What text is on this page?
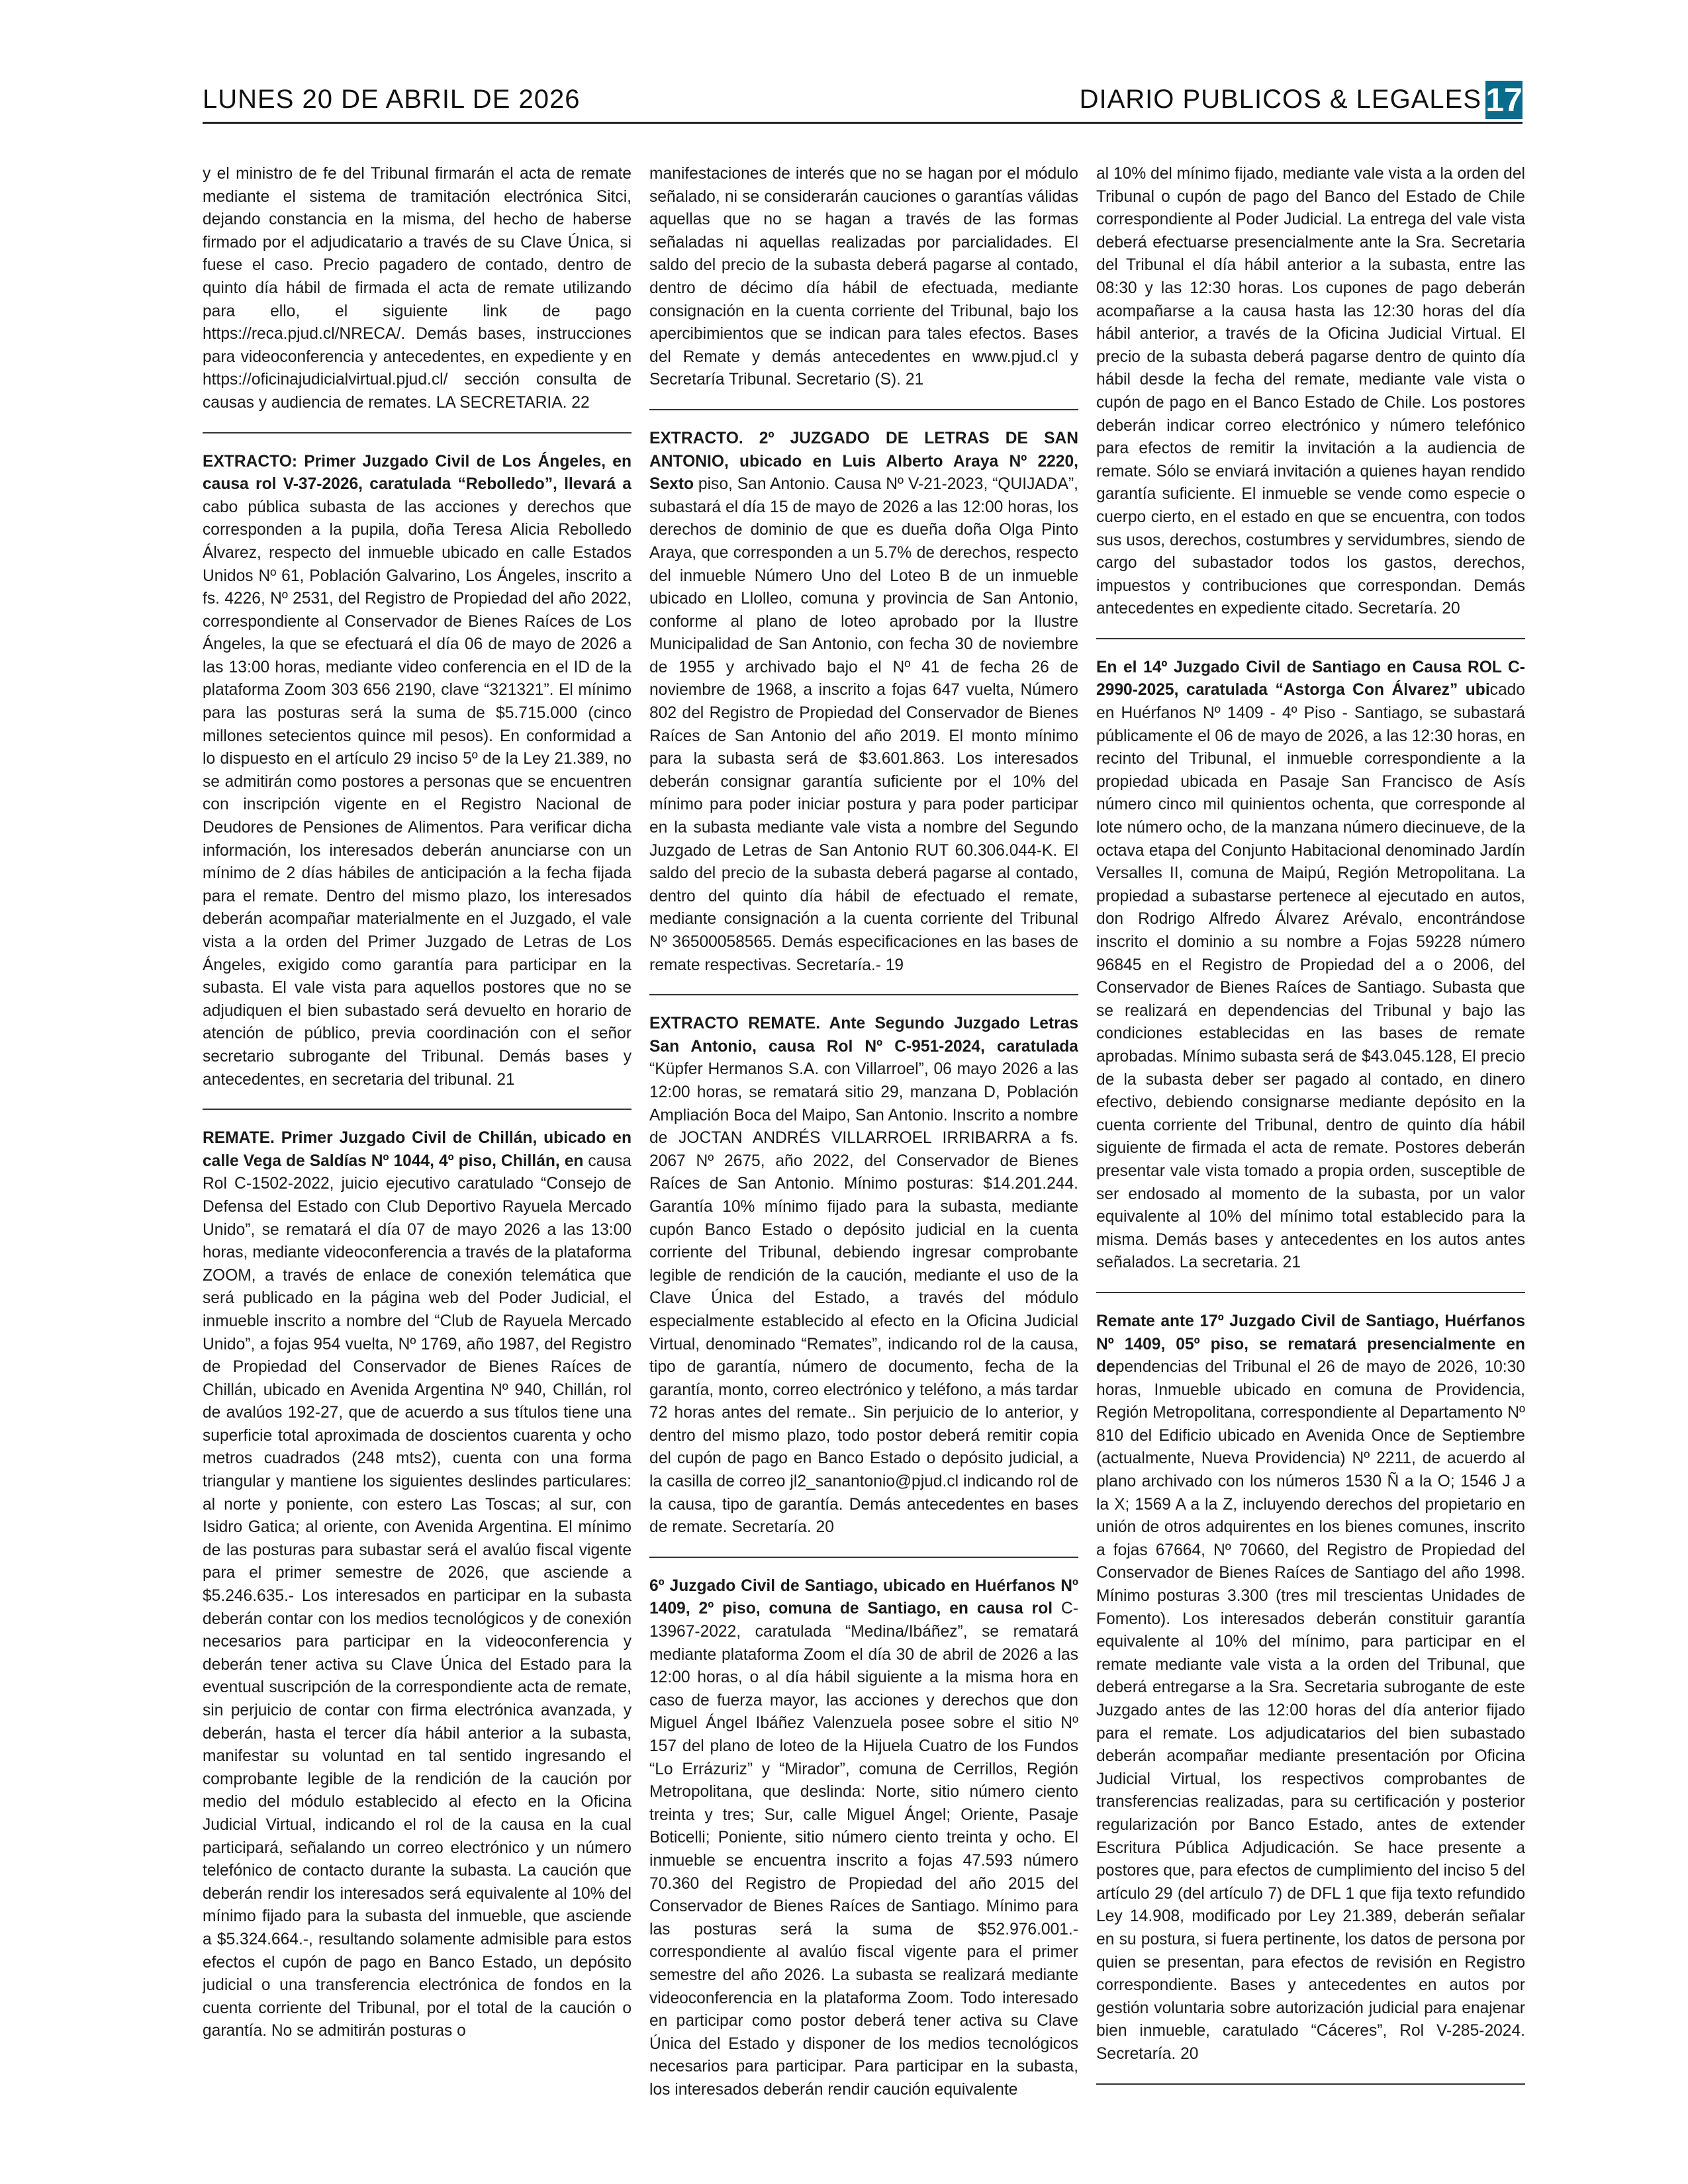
LUNES 20 DE ABRIL DE 2026	DIARIO PUBLICOS & LEGALES 17
y el ministro de fe del Tribunal firmarán el acta de remate mediante el sistema de tramitación electrónica Sitci, dejando constancia en la misma, del hecho de haberse firmado por el adjudicatario a través de su Clave Única, si fuese el caso. Precio pagadero de contado, dentro de quinto día hábil de firmada el acta de remate utilizando para ello, el siguiente link de pago https://reca.pjud.cl/NRECA/. Demás bases, instrucciones para videoconferencia y antecedentes, en expediente y en https://oficinajudicialvirtual.pjud.cl/ sección consulta de causas y audiencia de remates. LA SECRETARIA. 22
EXTRACTO: Primer Juzgado Civil de Los Ángeles, en causa rol V-37-2026, caratulada “Rebolledo”, llevará a cabo pública subasta de las acciones y derechos que corresponden a la pupila, doña Teresa Alicia Rebolledo Álvarez, respecto del inmueble ubicado en calle Estados Unidos Nº 61, Población Galvarino, Los Ángeles, inscrito a fs. 4226, Nº 2531, del Registro de Propiedad del año 2022, correspondiente al Conservador de Bienes Raíces de Los Ángeles, la que se efectuará el día 06 de mayo de 2026 a las 13:00 horas, mediante video conferencia en el ID de la plataforma Zoom 303 656 2190, clave “321321”. El mínimo para las posturas será la suma de $5.715.000 (cinco millones setecientos quince mil pesos). En conformidad a lo dispuesto en el artículo 29 inciso 5º de la Ley 21.389, no se admitirán como postores a personas que se encuentren con inscripción vigente en el Registro Nacional de Deudores de Pensiones de Alimentos. Para verificar dicha información, los interesados deberán anunciarse con un mínimo de 2 días hábiles de anticipación a la fecha fijada para el remate. Dentro del mismo plazo, los interesados deberán acompañar materialmente en el Juzgado, el vale vista a la orden del Primer Juzgado de Letras de Los Ángeles, exigido como garantía para participar en la subasta. El vale vista para aquellos postores que no se adjudiquen el bien subastado será devuelto en horario de atención de público, previa coordinación con el señor secretario subrogante del Tribunal. Demás bases y antecedentes, en secretaria del tribunal. 21
REMATE. Primer Juzgado Civil de Chillán, ubicado en calle Vega de Saldías Nº 1044, 4º piso, Chillán, en causa Rol C-1502-2022, juicio ejecutivo caratulado “Consejo de Defensa del Estado con Club Deportivo Rayuela Mercado Unido”, se rematará el día 07 de mayo 2026 a las 13:00 horas, mediante videoconferencia a través de la plataforma ZOOM, a través de enlace de conexión telemática que será publicado en la página web del Poder Judicial, el inmueble inscrito a nombre del “Club de Rayuela Mercado Unido”, a fojas 954 vuelta, Nº 1769, año 1987, del Registro de Propiedad del Conservador de Bienes Raíces de Chillán, ubicado en Avenida Argentina Nº 940, Chillán, rol de avalúos 192-27, que de acuerdo a sus títulos tiene una superficie total aproximada de doscientos cuarenta y ocho metros cuadrados (248 mts2), cuenta con una forma triangular y mantiene los siguientes deslindes particulares: al norte y poniente, con estero Las Toscas; al sur, con Isidro Gatica; al oriente, con Avenida Argentina. El mínimo de las posturas para subastar será el avalúo fiscal vigente para el primer semestre de 2026, que asciende a $5.246.635.- Los interesados en participar en la subasta deberán contar con los medios tecnológicos y de conexión necesarios para participar en la videoconferencia y deberán tener activa su Clave Única del Estado para la eventual suscripción de la correspondiente acta de remate, sin perjuicio de contar con firma electrónica avanzada, y deberán, hasta el tercer día hábil anterior a la subasta, manifestar su voluntad en tal sentido ingresando el comprobante legible de la rendición de la caución por medio del módulo establecido al efecto en la Oficina Judicial Virtual, indicando el rol de la causa en la cual participará, señalando un correo electrónico y un número telefónico de contacto durante la subasta. La caución que deberán rendir los interesados será equivalente al 10% del mínimo fijado para la subasta del inmueble, que asciende a $5.324.664.-, resultando solamente admisible para estos efectos el cupón de pago en Banco Estado, un depósito judicial o una transferencia electrónica de fondos en la cuenta corriente del Tribunal, por el total de la caución o garantía. No se admitirán posturas o
manifestaciones de interés que no se hagan por el módulo señalado, ni se considerarán cauciones o garantías válidas aquellas que no se hagan a través de las formas señaladas ni aquellas realizadas por parcialidades. El saldo del precio de la subasta deberá pagarse al contado, dentro de décimo día hábil de efectuada, mediante consignación en la cuenta corriente del Tribunal, bajo los apercibimientos que se indican para tales efectos. Bases del Remate y demás antecedentes en www.pjud.cl y Secretaría Tribunal. Secretario (S). 21
EXTRACTO. 2º JUZGADO DE LETRAS DE SAN ANTONIO, ubicado en Luis Alberto Araya Nº 2220, Sexto piso, San Antonio. Causa Nº V-21-2023, “QUIJADA”, subastará el día 15 de mayo de 2026 a las 12:00 horas, los derechos de dominio de que es dueña doña Olga Pinto Araya, que corresponden a un 5.7% de derechos, respecto del inmueble Número Uno del Loteo B de un inmueble ubicado en Llolleo, comuna y provincia de San Antonio, conforme al plano de loteo aprobado por la Ilustre Municipalidad de San Antonio, con fecha 30 de noviembre de 1955 y archivado bajo el Nº 41 de fecha 26 de noviembre de 1968, a inscrito a fojas 647 vuelta, Número 802 del Registro de Propiedad del Conservador de Bienes Raíces de San Antonio del año 2019. El monto mínimo para la subasta será de $3.601.863. Los interesados deberán consignar garantía suficiente por el 10% del mínimo para poder iniciar postura y para poder participar en la subasta mediante vale vista a nombre del Segundo Juzgado de Letras de San Antonio RUT 60.306.044-K. El saldo del precio de la subasta deberá pagarse al contado, dentro del quinto día hábil de efectuado el remate, mediante consignación a la cuenta corriente del Tribunal Nº 36500058565. Demás especificaciones en las bases de remate respectivas. Secretaría.- 19
EXTRACTO REMATE. Ante Segundo Juzgado Letras San Antonio, causa Rol Nº C-951-2024, caratulada “Küpfer Hermanos S.A. con Villarroel”, 06 mayo 2026 a las 12:00 horas, se rematará sitio 29, manzana D, Población Ampliación Boca del Maipo, San Antonio. Inscrito a nombre de JOCTAN ANDRÉS VILLARROEL IRRIBARRA a fs. 2067 Nº 2675, año 2022, del Conservador de Bienes Raíces de San Antonio. Mínimo posturas: $14.201.244. Garantía 10% mínimo fijado para la subasta, mediante cupón Banco Estado o depósito judicial en la cuenta corriente del Tribunal, debiendo ingresar comprobante legible de rendición de la caución, mediante el uso de la Clave Única del Estado, a través del módulo especialmente establecido al efecto en la Oficina Judicial Virtual, denominado “Remates”, indicando rol de la causa, tipo de garantía, número de documento, fecha de la garantía, monto, correo electrónico y teléfono, a más tardar 72 horas antes del remate.. Sin perjuicio de lo anterior, y dentro del mismo plazo, todo postor deberá remitir copia del cupón de pago en Banco Estado o depósito judicial, a la casilla de correo jl2_sanantonio@pjud.cl indicando rol de la causa, tipo de garantía. Demás antecedentes en bases de remate. Secretaría. 20
6º Juzgado Civil de Santiago, ubicado en Huérfanos Nº 1409, 2º piso, comuna de Santiago, en causa rol C-13967-2022, caratulada “Medina/Ibáñez”, se rematará mediante plataforma Zoom el día 30 de abril de 2026 a las 12:00 horas, o al día hábil siguiente a la misma hora en caso de fuerza mayor, las acciones y derechos que don Miguel Ángel Ibáñez Valenzuela posee sobre el sitio Nº 157 del plano de loteo de la Hijuela Cuatro de los Fundos “Lo Errázuriz” y “Mirador”, comuna de Cerrillos, Región Metropolitana, que deslinda: Norte, sitio número ciento treinta y tres; Sur, calle Miguel Ángel; Oriente, Pasaje Boticelli; Poniente, sitio número ciento treinta y ocho. El inmueble se encuentra inscrito a fojas 47.593 número 70.360 del Registro de Propiedad del año 2015 del Conservador de Bienes Raíces de Santiago. Mínimo para las posturas será la suma de $52.976.001.- correspondiente al avalúo fiscal vigente para el primer semestre del año 2026. La subasta se realizará mediante videoconferencia en la plataforma Zoom. Todo interesado en participar como postor deberá tener activa su Clave Única del Estado y disponer de los medios tecnológicos necesarios para participar. Para participar en la subasta, los interesados deberán rendir caución equivalente
al 10% del mínimo fijado, mediante vale vista a la orden del Tribunal o cupón de pago del Banco del Estado de Chile correspondiente al Poder Judicial. La entrega del vale vista deberá efectuarse presencialmente ante la Sra. Secretaria del Tribunal el día hábil anterior a la subasta, entre las 08:30 y las 12:30 horas. Los cupones de pago deberán acompañarse a la causa hasta las 12:30 horas del día hábil anterior, a través de la Oficina Judicial Virtual. El precio de la subasta deberá pagarse dentro de quinto día hábil desde la fecha del remate, mediante vale vista o cupón de pago en el Banco Estado de Chile. Los postores deberán indicar correo electrónico y número telefónico para efectos de remitir la invitación a la audiencia de remate. Sólo se enviará invitación a quienes hayan rendido garantía suficiente. El inmueble se vende como especie o cuerpo cierto, en el estado en que se encuentra, con todos sus usos, derechos, costumbres y servidumbres, siendo de cargo del subastador todos los gastos, derechos, impuestos y contribuciones que correspondan. Demás antecedentes en expediente citado. Secretaría. 20
En el 14º Juzgado Civil de Santiago en Causa ROL C-2990-2025, caratulada “Astorga Con Álvarez” ubicado en Huérfanos Nº 1409 - 4º Piso - Santiago, se subastará públicamente el 06 de mayo de 2026, a las 12:30 horas, en recinto del Tribunal, el inmueble correspondiente a la propiedad ubicada en Pasaje San Francisco de Asís número cinco mil quinientos ochenta, que corresponde al lote número ocho, de la manzana número diecinueve, de la octava etapa del Conjunto Habitacional denominado Jardín Versalles II, comuna de Maipú, Región Metropolitana. La propiedad a subastarse pertenece al ejecutado en autos, don Rodrigo Alfredo Álvarez Arévalo, encontrándose inscrito el dominio a su nombre a Fojas 59228 número 96845 en el Registro de Propiedad del a o 2006, del Conservador de Bienes Raíces de Santiago. Subasta que se realizará en dependencias del Tribunal y bajo las condiciones establecidas en las bases de remate aprobadas. Mínimo subasta será de $43.045.128, El precio de la subasta deber ser pagado al contado, en dinero efectivo, debiendo consignarse mediante depósito en la cuenta corriente del Tribunal, dentro de quinto día hábil siguiente de firmada el acta de remate. Postores deberán presentar vale vista tomado a propia orden, susceptible de ser endosado al momento de la subasta, por un valor equivalente al 10% del mínimo total establecido para la misma. Demás bases y antecedentes en los autos antes señalados. La secretaria. 21
Remate ante 17º Juzgado Civil de Santiago, Huérfanos Nº 1409, 05º piso, se rematará presencialmente en dependencias del Tribunal el 26 de mayo de 2026, 10:30 horas, Inmueble ubicado en comuna de Providencia, Región Metropolitana, correspondiente al Departamento Nº 810 del Edificio ubicado en Avenida Once de Septiembre (actualmente, Nueva Providencia) Nº 2211, de acuerdo al plano archivado con los números 1530 Ñ a la O; 1546 J a la X; 1569 A a la Z, incluyendo derechos del propietario en unión de otros adquirentes en los bienes comunes, inscrito a fojas 67664, Nº 70660, del Registro de Propiedad del Conservador de Bienes Raíces de Santiago del año 1998. Mínimo posturas 3.300 (tres mil trescientas Unidades de Fomento). Los interesados deberán constituir garantía equivalente al 10% del mínimo, para participar en el remate mediante vale vista a la orden del Tribunal, que deberá entregarse a la Sra. Secretaria subrogante de este Juzgado antes de las 12:00 horas del día anterior fijado para el remate. Los adjudicatarios del bien subastado deberán acompañar mediante presentación por Oficina Judicial Virtual, los respectivos comprobantes de transferencias realizadas, para su certificación y posterior regularización por Banco Estado, antes de extender Escritura Pública Adjudicación. Se hace presente a postores que, para efectos de cumplimiento del inciso 5 del artículo 29 (del artículo 7) de DFL 1 que fija texto refundido Ley 14.908, modificado por Ley 21.389, deberán señalar en su postura, si fuera pertinente, los datos de persona por quien se presentan, para efectos de revisión en Registro correspondiente. Bases y antecedentes en autos por gestión voluntaria sobre autorización judicial para enajenar bien inmueble, caratulado “Cáceres”, Rol V-285-2024. Secretaría. 20
